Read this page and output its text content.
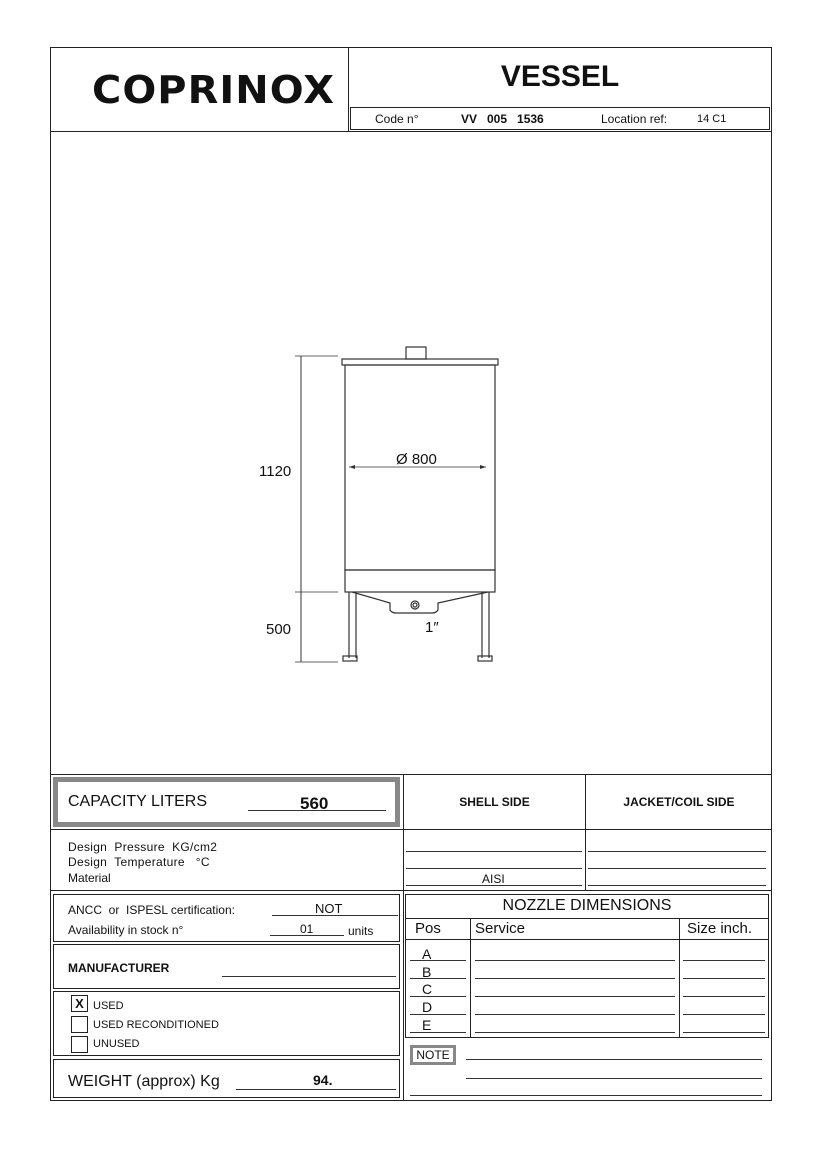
COPRINOX	VESSEL
Code n°	VV   005   1536	Location ref:	14 C1
1120
500
Ø 800
1″
CAPACITY LITERS	560	SHELL SIDE	JACKET/COIL SIDE
Design  Pressure  KG/cm2
Design  Temperature   °C
Material	AISI
ANCC  or  ISPESL certification:	NOT
Availability in stock n°	01	units
MANUFACTURER
X USED
USED RECONDITIONED
UNUSED
WEIGHT (approx) Kg	94.
NOZZLE DIMENSIONS
Pos Service	Size inch.
A
B
C
D
E
NOTE
